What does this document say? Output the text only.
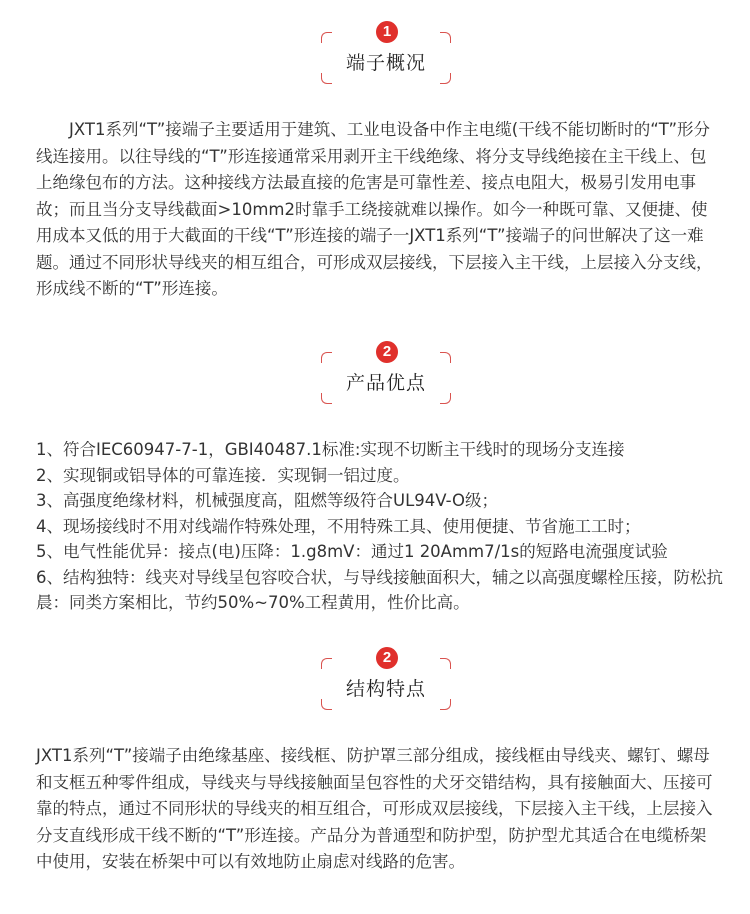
1
端子概况

JXT1系列“T”接端子主要适用于建筑、工业电设备中作主电缆(干线不能切断时的“T”形分线连接用。以往导线的“T”形连接通常采用剥开主干线绝缘、将分支导线绝接在主干线上、包上绝缘包布的方法。这种接线方法最直接的危害是可靠性差、接点电阻大，极易引发用电事故；而且当分支导线截面>10mm2时靠手工绕接就难以操作。如今一种既可靠、又便捷、使用成本又低的用于大截面的干线“T”形连接的端子一JXT1系列“T”接端子的问世解决了这一难题。通过不同形状导线夹的相互组合，可形成双层接线，下层接入主干线，上层接入分支线，形成线不断的“T”形连接。

2
产品优点
1、符合IEC60947-7-1，GBI40487.1标准:实现不切断主干线时的现场分支连接
2、实现铜或铝导体的可靠连接．实现铜一铝过度。
3、高强度绝缘材料，机械强度高，阻燃等级符合UL94V-O级；
4、现场接线时不用对线端作特殊处理，不用特殊工具、使用便捷、节省施工工时；
5、电气性能优异：接点(电)压降：1.g8mV：通过1 20Amm7/1s的短路电流强度试验
6、结构独特：线夹对导线呈包容咬合状，与导线接触面积大，辅之以高强度螺栓压接，防松抗晨：同类方案相比，节约50%~70%工程黄用，性价比高。
2
结构特点

JXT1系列“T”接端子由绝缘基座、接线框、防护罩三部分组成，接线框由导线夹、螺钉、螺母和支框五种零件组成，导线夹与导线接触面呈包容性的犬牙交错结构，具有接触面大、压接可靠的特点，通过不同形状的导线夹的相互组合，可形成双层接线，下层接入主干线，上层接入分支直线形成干线不断的“T”形连接。产品分为普通型和防护型，防护型尤其适合在电缆桥架中使用，安装在桥架中可以有效地防止扇虑对线路的危害。
